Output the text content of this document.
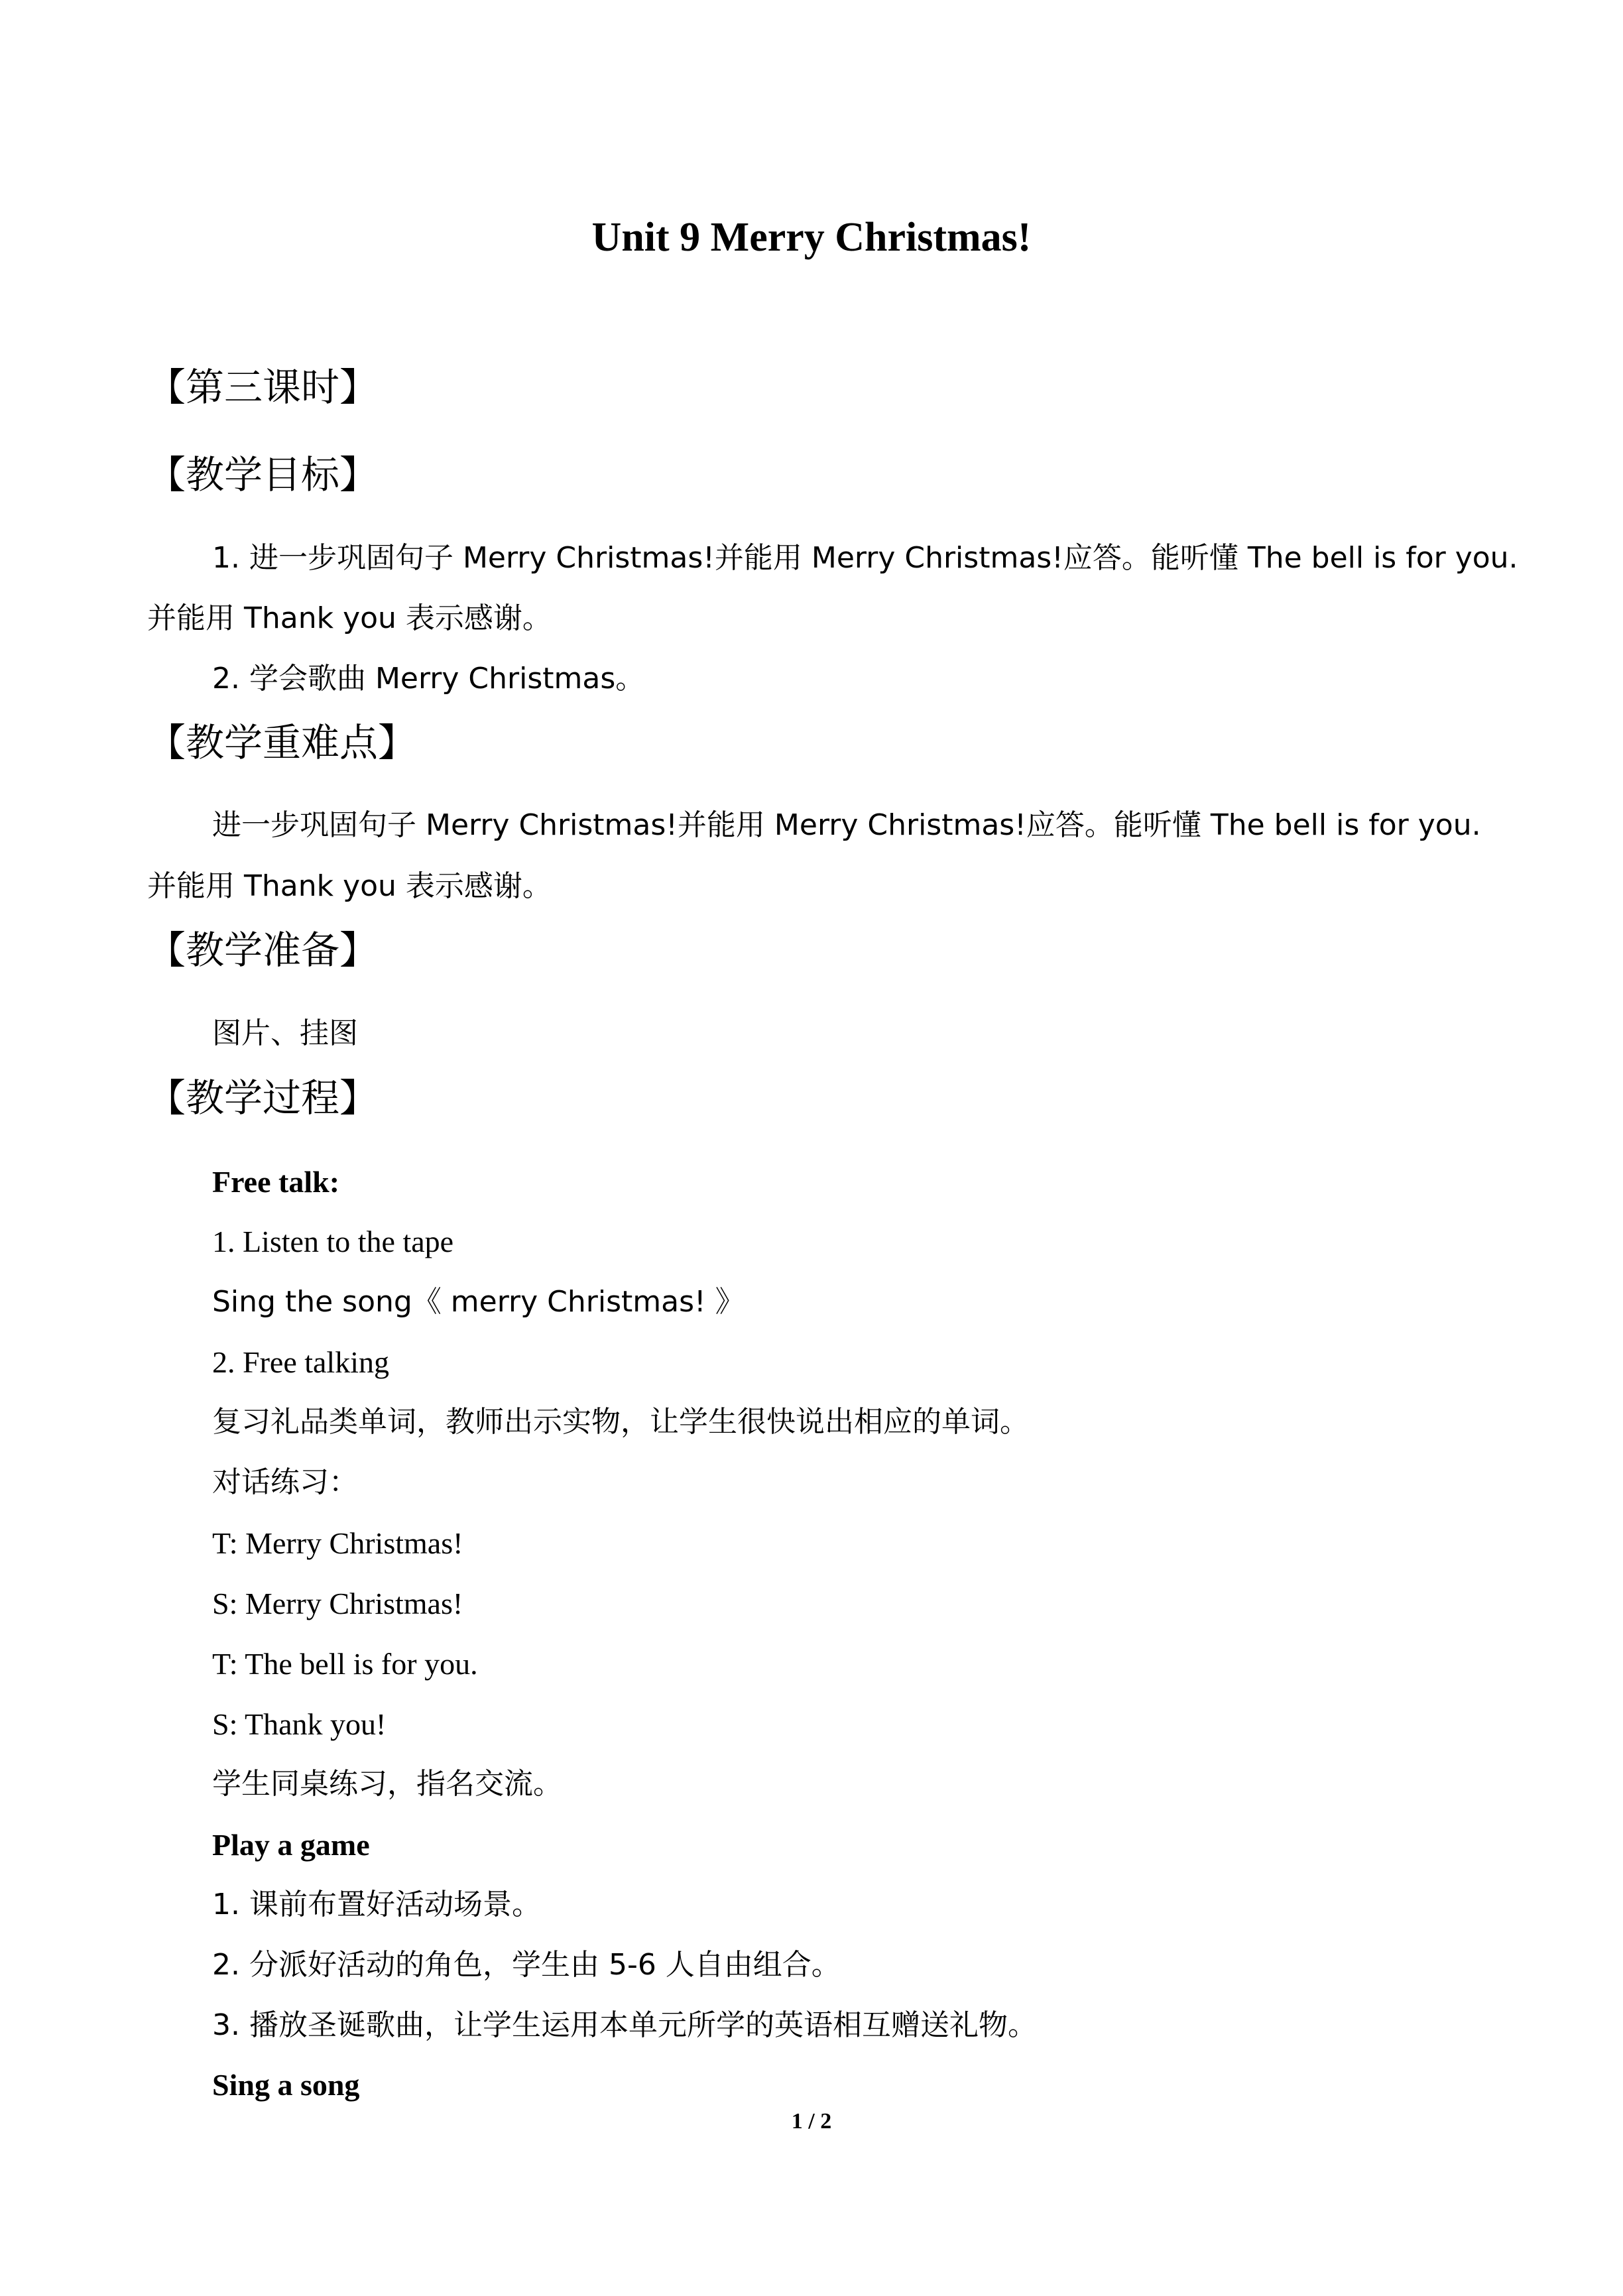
Unit 9 Merry Christmas!
【第三课时】
【教学目标】
1. 进一步巩固句子 Merry Christmas!并能用 Merry Christmas!应答。能听懂 The bell is for you.
并能用 Thank you 表示感谢。
2. 学会歌曲 Merry Christmas。
【教学重难点】
进一步巩固句子 Merry Christmas!并能用 Merry Christmas!应答。能听懂 The bell is for you.
并能用 Thank you 表示感谢。
【教学准备】
图片、挂图
【教学过程】
Free talk:
1. Listen to the tape
Sing the song《 merry Christmas! 》
2. Free talking
复习礼品类单词，教师出示实物，让学生很快说出相应的单词。
对话练习：
T: Merry Christmas!
S: Merry Christmas!
T: The bell is for you.
S: Thank you!
学生同桌练习，指名交流。
Play a game
1. 课前布置好活动场景。
2. 分派好活动的角色，学生由 5-6 人自由组合。
3. 播放圣诞歌曲，让学生运用本单元所学的英语相互赠送礼物。
Sing a song
1 / 2
